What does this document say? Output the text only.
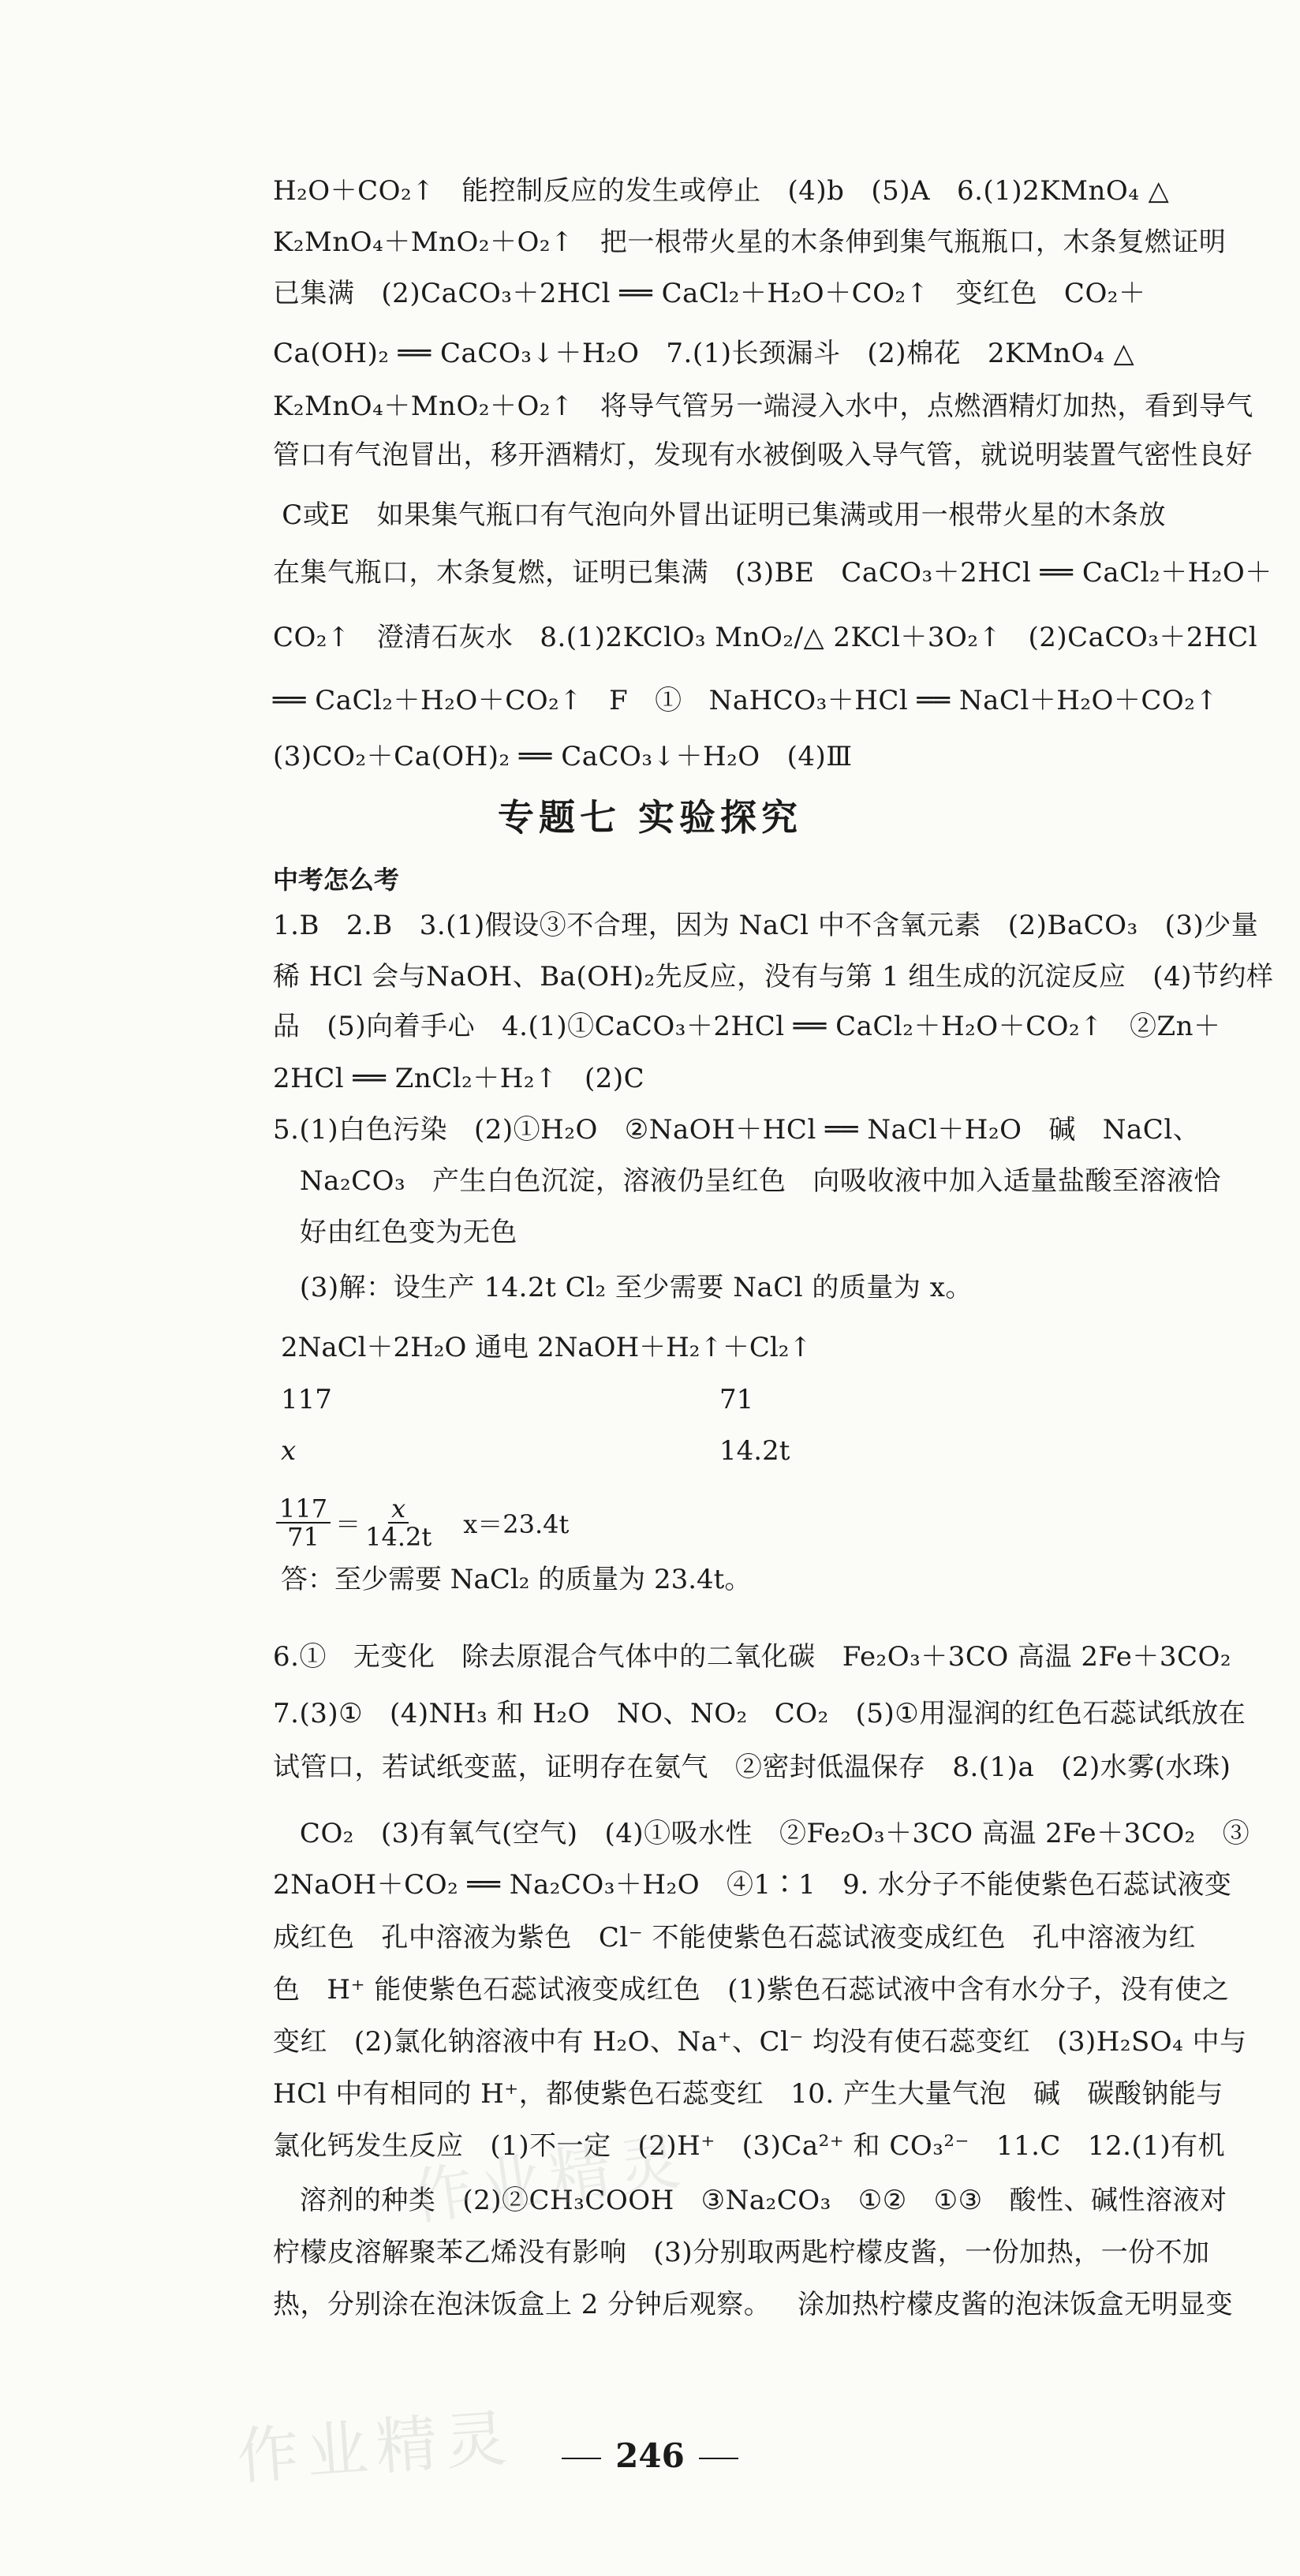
H₂O＋CO₂↑   能控制反应的发生或停止   (4)b   (5)A   6.(1)2KMnO₄ △
K₂MnO₄＋MnO₂＋O₂↑   把一根带火星的木条伸到集气瓶瓶口，木条复燃证明
已集满   (2)CaCO₃＋2HCl ══ CaCl₂＋H₂O＋CO₂↑   变红色   CO₂＋
Ca(OH)₂ ══ CaCO₃↓＋H₂O   7.(1)长颈漏斗   (2)棉花   2KMnO₄ △
K₂MnO₄＋MnO₂＋O₂↑   将导气管另一端浸入水中，点燃酒精灯加热，看到导气
管口有气泡冒出，移开酒精灯，发现有水被倒吸入导气管，就说明装置气密性良好
C或E   如果集气瓶口有气泡向外冒出证明已集满或用一根带火星的木条放
在集气瓶口，木条复燃，证明已集满   (3)BE   CaCO₃＋2HCl ══ CaCl₂＋H₂O＋
CO₂↑   澄清石灰水   8.(1)2KClO₃ MnO₂/△ 2KCl＋3O₂↑   (2)CaCO₃＋2HCl
══ CaCl₂＋H₂O＋CO₂↑   F   ①   NaHCO₃＋HCl ══ NaCl＋H₂O＋CO₂↑
(3)CO₂＋Ca(OH)₂ ══ CaCO₃↓＋H₂O   (4)Ⅲ
专题七 实验探究
中考怎么考
1.B   2.B   3.(1)假设③不合理，因为 NaCl 中不含氧元素   (2)BaCO₃   (3)少量
稀 HCl 会与NaOH、Ba(OH)₂先反应，没有与第 1 组生成的沉淀反应   (4)节约样
品   (5)向着手心   4.(1)①CaCO₃＋2HCl ══ CaCl₂＋H₂O＋CO₂↑   ②Zn＋
2HCl ══ ZnCl₂＋H₂↑   (2)C
5.(1)白色污染   (2)①H₂O   ②NaOH＋HCl ══ NaCl＋H₂O   碱   NaCl、
Na₂CO₃   产生白色沉淀，溶液仍呈红色   向吸收液中加入适量盐酸至溶液恰
好由红色变为无色
(3)解：设生产 14.2t Cl₂ 至少需要 NaCl 的质量为 x。
2NaCl＋2H₂O 通电 2NaOH＋H₂↑＋Cl₂↑
117	71
x	14.2t
117
71 ＝
x
14.2t x＝23.4t
答：至少需要 NaCl₂ 的质量为 23.4t。
6.①   无变化   除去原混合气体中的二氧化碳   Fe₂O₃＋3CO 高温 2Fe＋3CO₂
7.(3)①   (4)NH₃ 和 H₂O   NO、NO₂   CO₂   (5)①用湿润的红色石蕊试纸放在
试管口，若试纸变蓝，证明存在氨气   ②密封低温保存   8.(1)a   (2)水雾(水珠)
CO₂   (3)有氧气(空气)   (4)①吸水性   ②Fe₂O₃＋3CO 高温 2Fe＋3CO₂   ③
2NaOH＋CO₂ ══ Na₂CO₃＋H₂O   ④1∶1   9. 水分子不能使紫色石蕊试液变
成红色   孔中溶液为紫色   Cl⁻ 不能使紫色石蕊试液变成红色   孔中溶液为红
色   H⁺ 能使紫色石蕊试液变成红色   (1)紫色石蕊试液中含有水分子，没有使之
变红   (2)氯化钠溶液中有 H₂O、Na⁺、Cl⁻ 均没有使石蕊变红   (3)H₂SO₄ 中与
HCl 中有相同的 H⁺，都使紫色石蕊变红   10. 产生大量气泡   碱   碳酸钠能与
氯化钙发生反应   (1)不一定   (2)H⁺   (3)Ca²⁺ 和 CO₃²⁻   11.C   12.(1)有机
溶剂的种类   (2)②CH₃COOH   ③Na₂CO₃   ①②   ①③   酸性、碱性溶液对
柠檬皮溶解聚苯乙烯没有影响   (3)分别取两匙柠檬皮酱，一份加热，一份不加
热，分别涂在泡沫饭盒上 2 分钟后观察。   涂加热柠檬皮酱的泡沫饭盒无明显变
作业精灵
作业精灵	246
